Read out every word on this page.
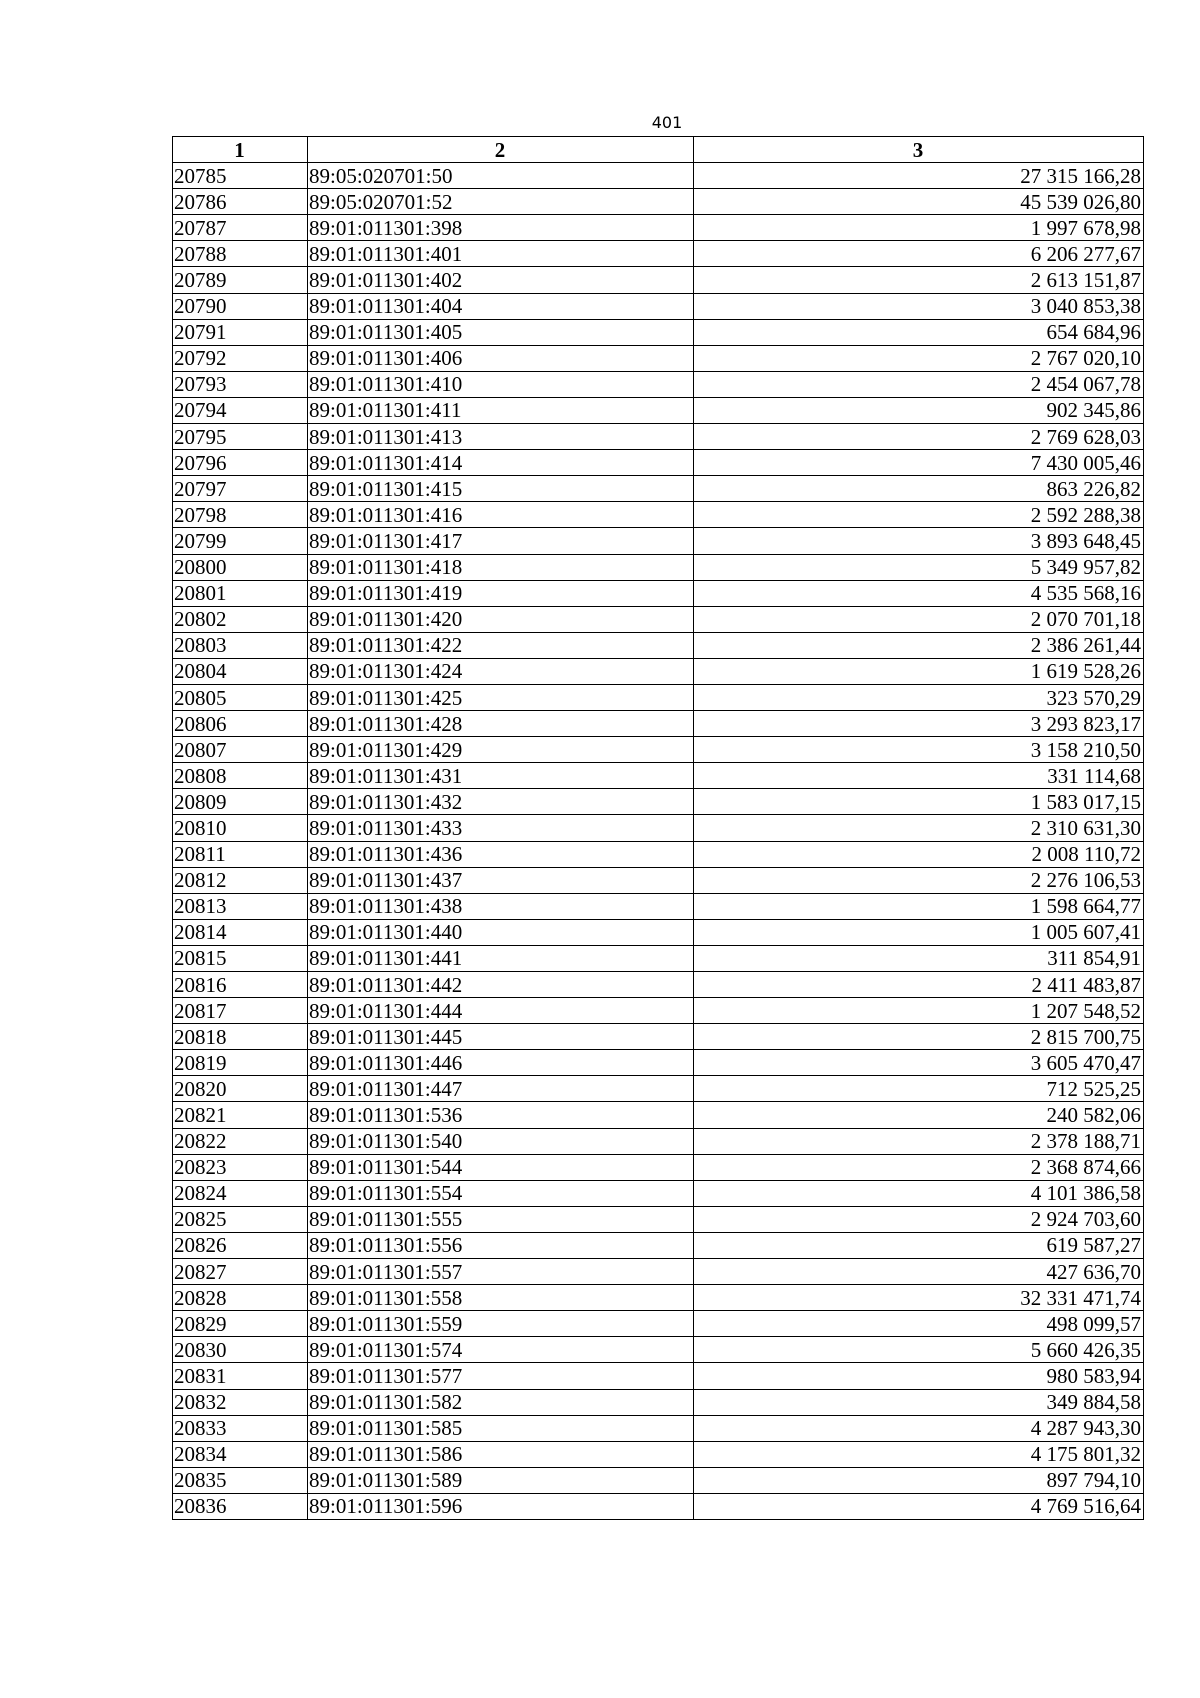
401
1	2	3
20785	89:05:020701:50	27 315 166,28
20786	89:05:020701:52	45 539 026,80
20787	89:01:011301:398	1 997 678,98
20788	89:01:011301:401	6 206 277,67
20789	89:01:011301:402	2 613 151,87
20790	89:01:011301:404	3 040 853,38
20791	89:01:011301:405	654 684,96
20792	89:01:011301:406	2 767 020,10
20793	89:01:011301:410	2 454 067,78
20794	89:01:011301:411	902 345,86
20795	89:01:011301:413	2 769 628,03
20796	89:01:011301:414	7 430 005,46
20797	89:01:011301:415	863 226,82
20798	89:01:011301:416	2 592 288,38
20799	89:01:011301:417	3 893 648,45
20800	89:01:011301:418	5 349 957,82
20801	89:01:011301:419	4 535 568,16
20802	89:01:011301:420	2 070 701,18
20803	89:01:011301:422	2 386 261,44
20804	89:01:011301:424	1 619 528,26
20805	89:01:011301:425	323 570,29
20806	89:01:011301:428	3 293 823,17
20807	89:01:011301:429	3 158 210,50
20808	89:01:011301:431	331 114,68
20809	89:01:011301:432	1 583 017,15
20810	89:01:011301:433	2 310 631,30
20811	89:01:011301:436	2 008 110,72
20812	89:01:011301:437	2 276 106,53
20813	89:01:011301:438	1 598 664,77
20814	89:01:011301:440	1 005 607,41
20815	89:01:011301:441	311 854,91
20816	89:01:011301:442	2 411 483,87
20817	89:01:011301:444	1 207 548,52
20818	89:01:011301:445	2 815 700,75
20819	89:01:011301:446	3 605 470,47
20820	89:01:011301:447	712 525,25
20821	89:01:011301:536	240 582,06
20822	89:01:011301:540	2 378 188,71
20823	89:01:011301:544	2 368 874,66
20824	89:01:011301:554	4 101 386,58
20825	89:01:011301:555	2 924 703,60
20826	89:01:011301:556	619 587,27
20827	89:01:011301:557	427 636,70
20828	89:01:011301:558	32 331 471,74
20829	89:01:011301:559	498 099,57
20830	89:01:011301:574	5 660 426,35
20831	89:01:011301:577	980 583,94
20832	89:01:011301:582	349 884,58
20833	89:01:011301:585	4 287 943,30
20834	89:01:011301:586	4 175 801,32
20835	89:01:011301:589	897 794,10
20836	89:01:011301:596	4 769 516,64
